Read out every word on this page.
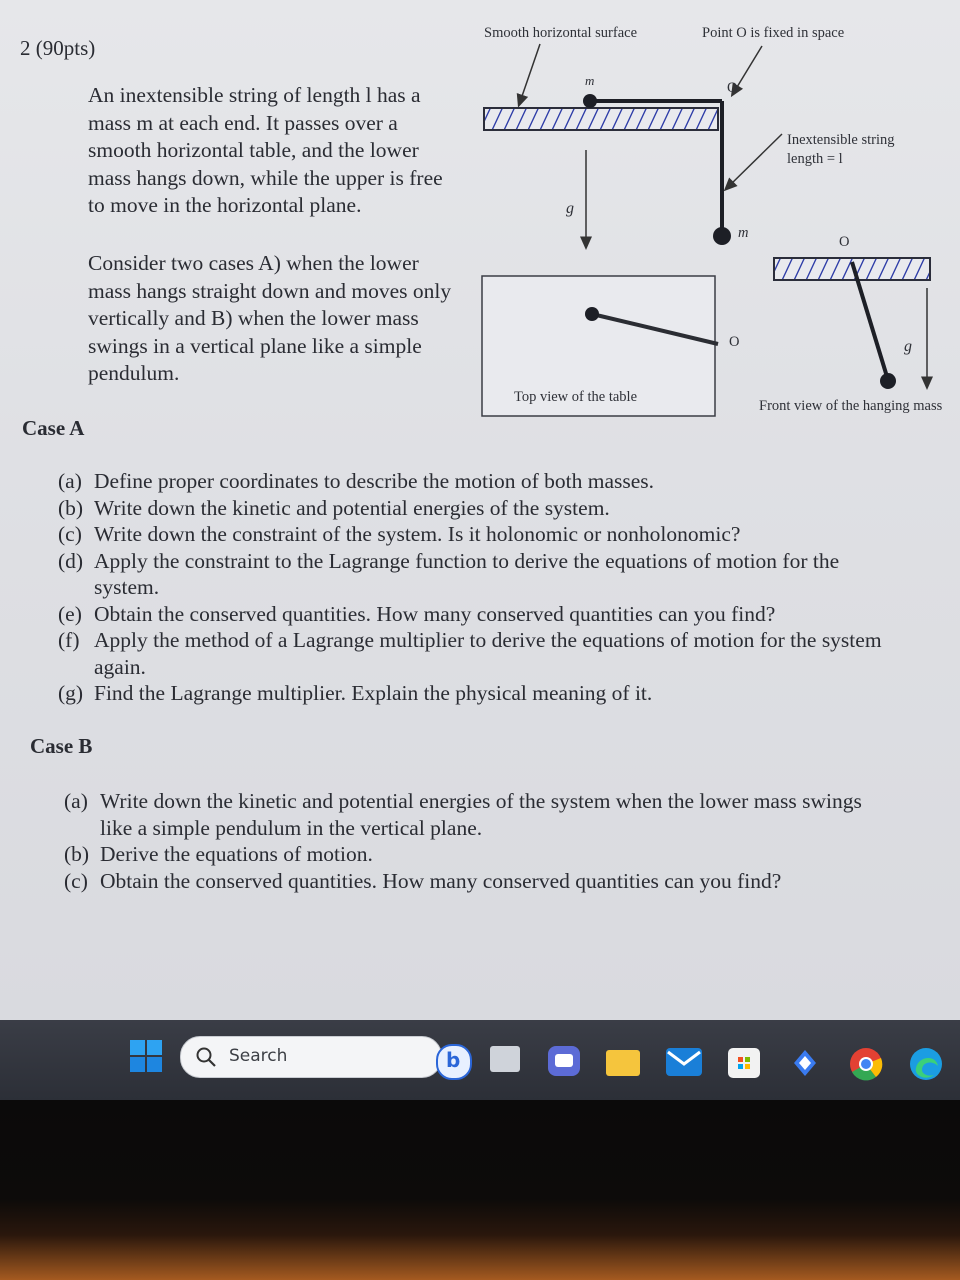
2 (90pts)

An inextensible string of length l has a mass m at each end. It passes over a smooth horizontal table, and the lower mass hangs down, while the upper is free to move in the horizontal plane.

Consider two cases A) when the lower mass hangs straight down and moves only vertically and B) when the lower mass swings in a vertical plane like a simple pendulum.

Smooth horizontal surface	Point O is fixed in space
Inextensible string
length = l
m
m
g
O
O
O	g
Top view of the table
Front view of the hanging mass
Case A
(a) Define proper coordinates to describe the motion of both masses.
(b) Write down the kinetic and potential energies of the system.
(c) Write down the constraint of the system. Is it holonomic or nonholonomic?
(d) Apply the constraint to the Lagrange function to derive the equations of motion for the system.
(e) Obtain the conserved quantities. How many conserved quantities can you find?
(f) Apply the method of a Lagrange multiplier to derive the equations of motion for the system again.
(g) Find the Lagrange multiplier. Explain the physical meaning of it.
Case B
(a) Write down the kinetic and potential energies of the system when the lower mass swings like a simple pendulum in the vertical plane.
(b) Derive the equations of motion.
(c) Obtain the conserved quantities. How many conserved quantities can you find?
Search	b
